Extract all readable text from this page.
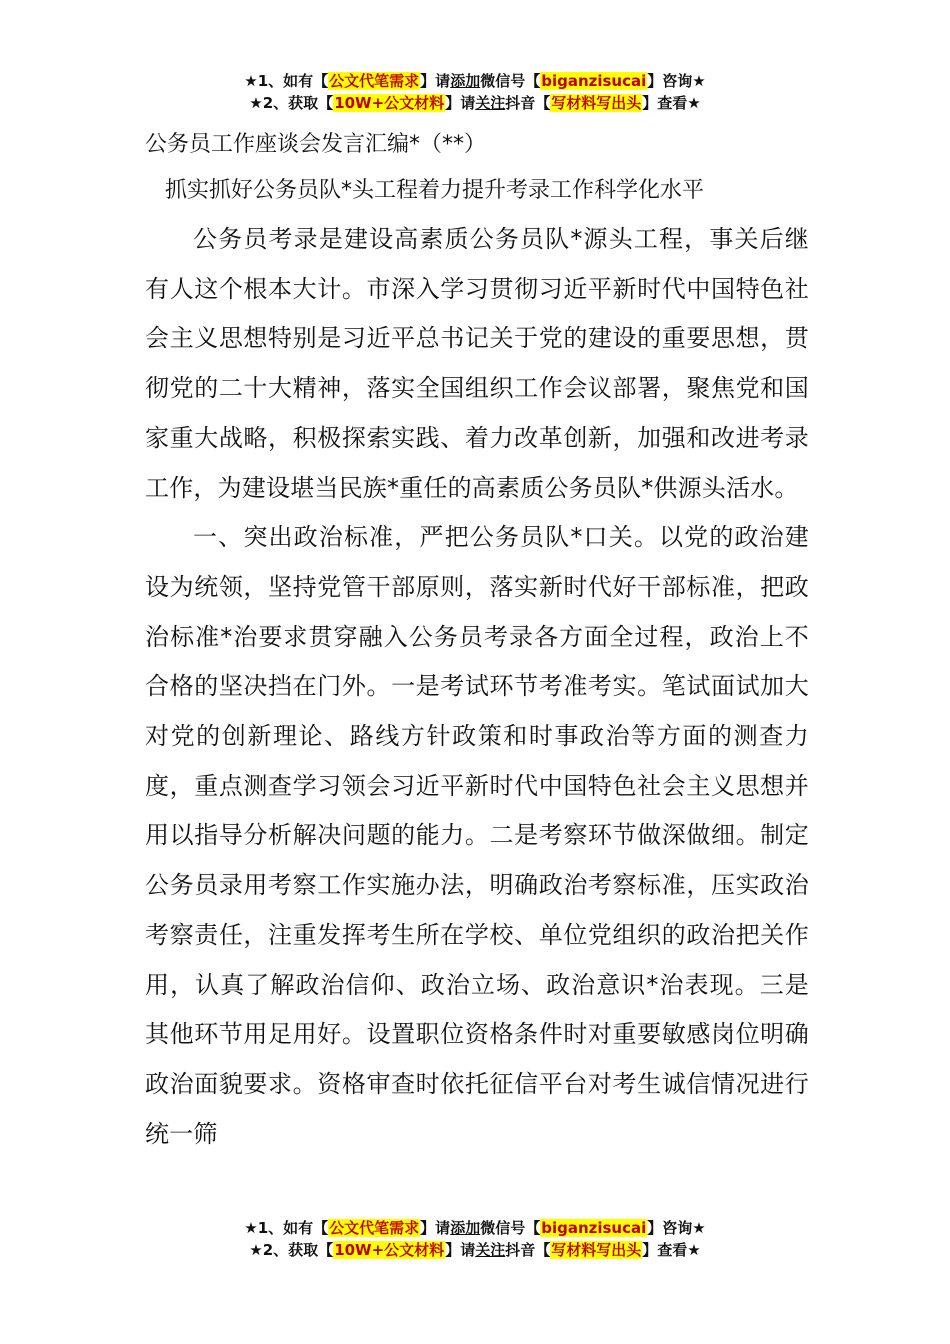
★1、如有【公文代笔需求】请添加微信号【biganzisucai】咨询★
★2、获取【10W+公文材料】请关注抖音【写材料写出头】查看★

公务员工作座谈会发言汇编*（**）

抓实抓好公务员队*头工程着力提升考录工作科学化水平

公务员考录是建设高素质公务员队*源头工程，事关后继有人这个根本大计。市深入学习贯彻习近平新时代中国特色社会主义思想特别是习近平总书记关于党的建设的重要思想，贯彻党的二十大精神，落实全国组织工作会议部署，聚焦党和国家重大战略，积极探索实践、着力改革创新，加强和改进考录工作，为建设堪当民族*重任的高素质公务员队*供源头活水。

一、突出政治标准，严把公务员队*口关。以党的政治建设为统领，坚持党管干部原则，落实新时代好干部标准，把政治标准*治要求贯穿融入公务员考录各方面全过程，政治上不合格的坚决挡在门外。一是考试环节考准考实。笔试面试加大对党的创新理论、路线方针政策和时事政治等方面的测查力度，重点测查学习领会习近平新时代中国特色社会主义思想并用以指导分析解决问题的能力。二是考察环节做深做细。制定公务员录用考察工作实施办法，明确政治考察标准，压实政治考察责任，注重发挥考生所在学校、单位党组织的政治把关作用，认真了解政治信仰、政治立场、政治意识*治表现。三是其他环节用足用好。设置职位资格条件时对重要敏感岗位明确政治面貌要求。资格审查时依托征信平台对考生诚信情况进行统一筛

★1、如有【公文代笔需求】请添加微信号【biganzisucai】咨询★
★2、获取【10W+公文材料】请关注抖音【写材料写出头】查看★
